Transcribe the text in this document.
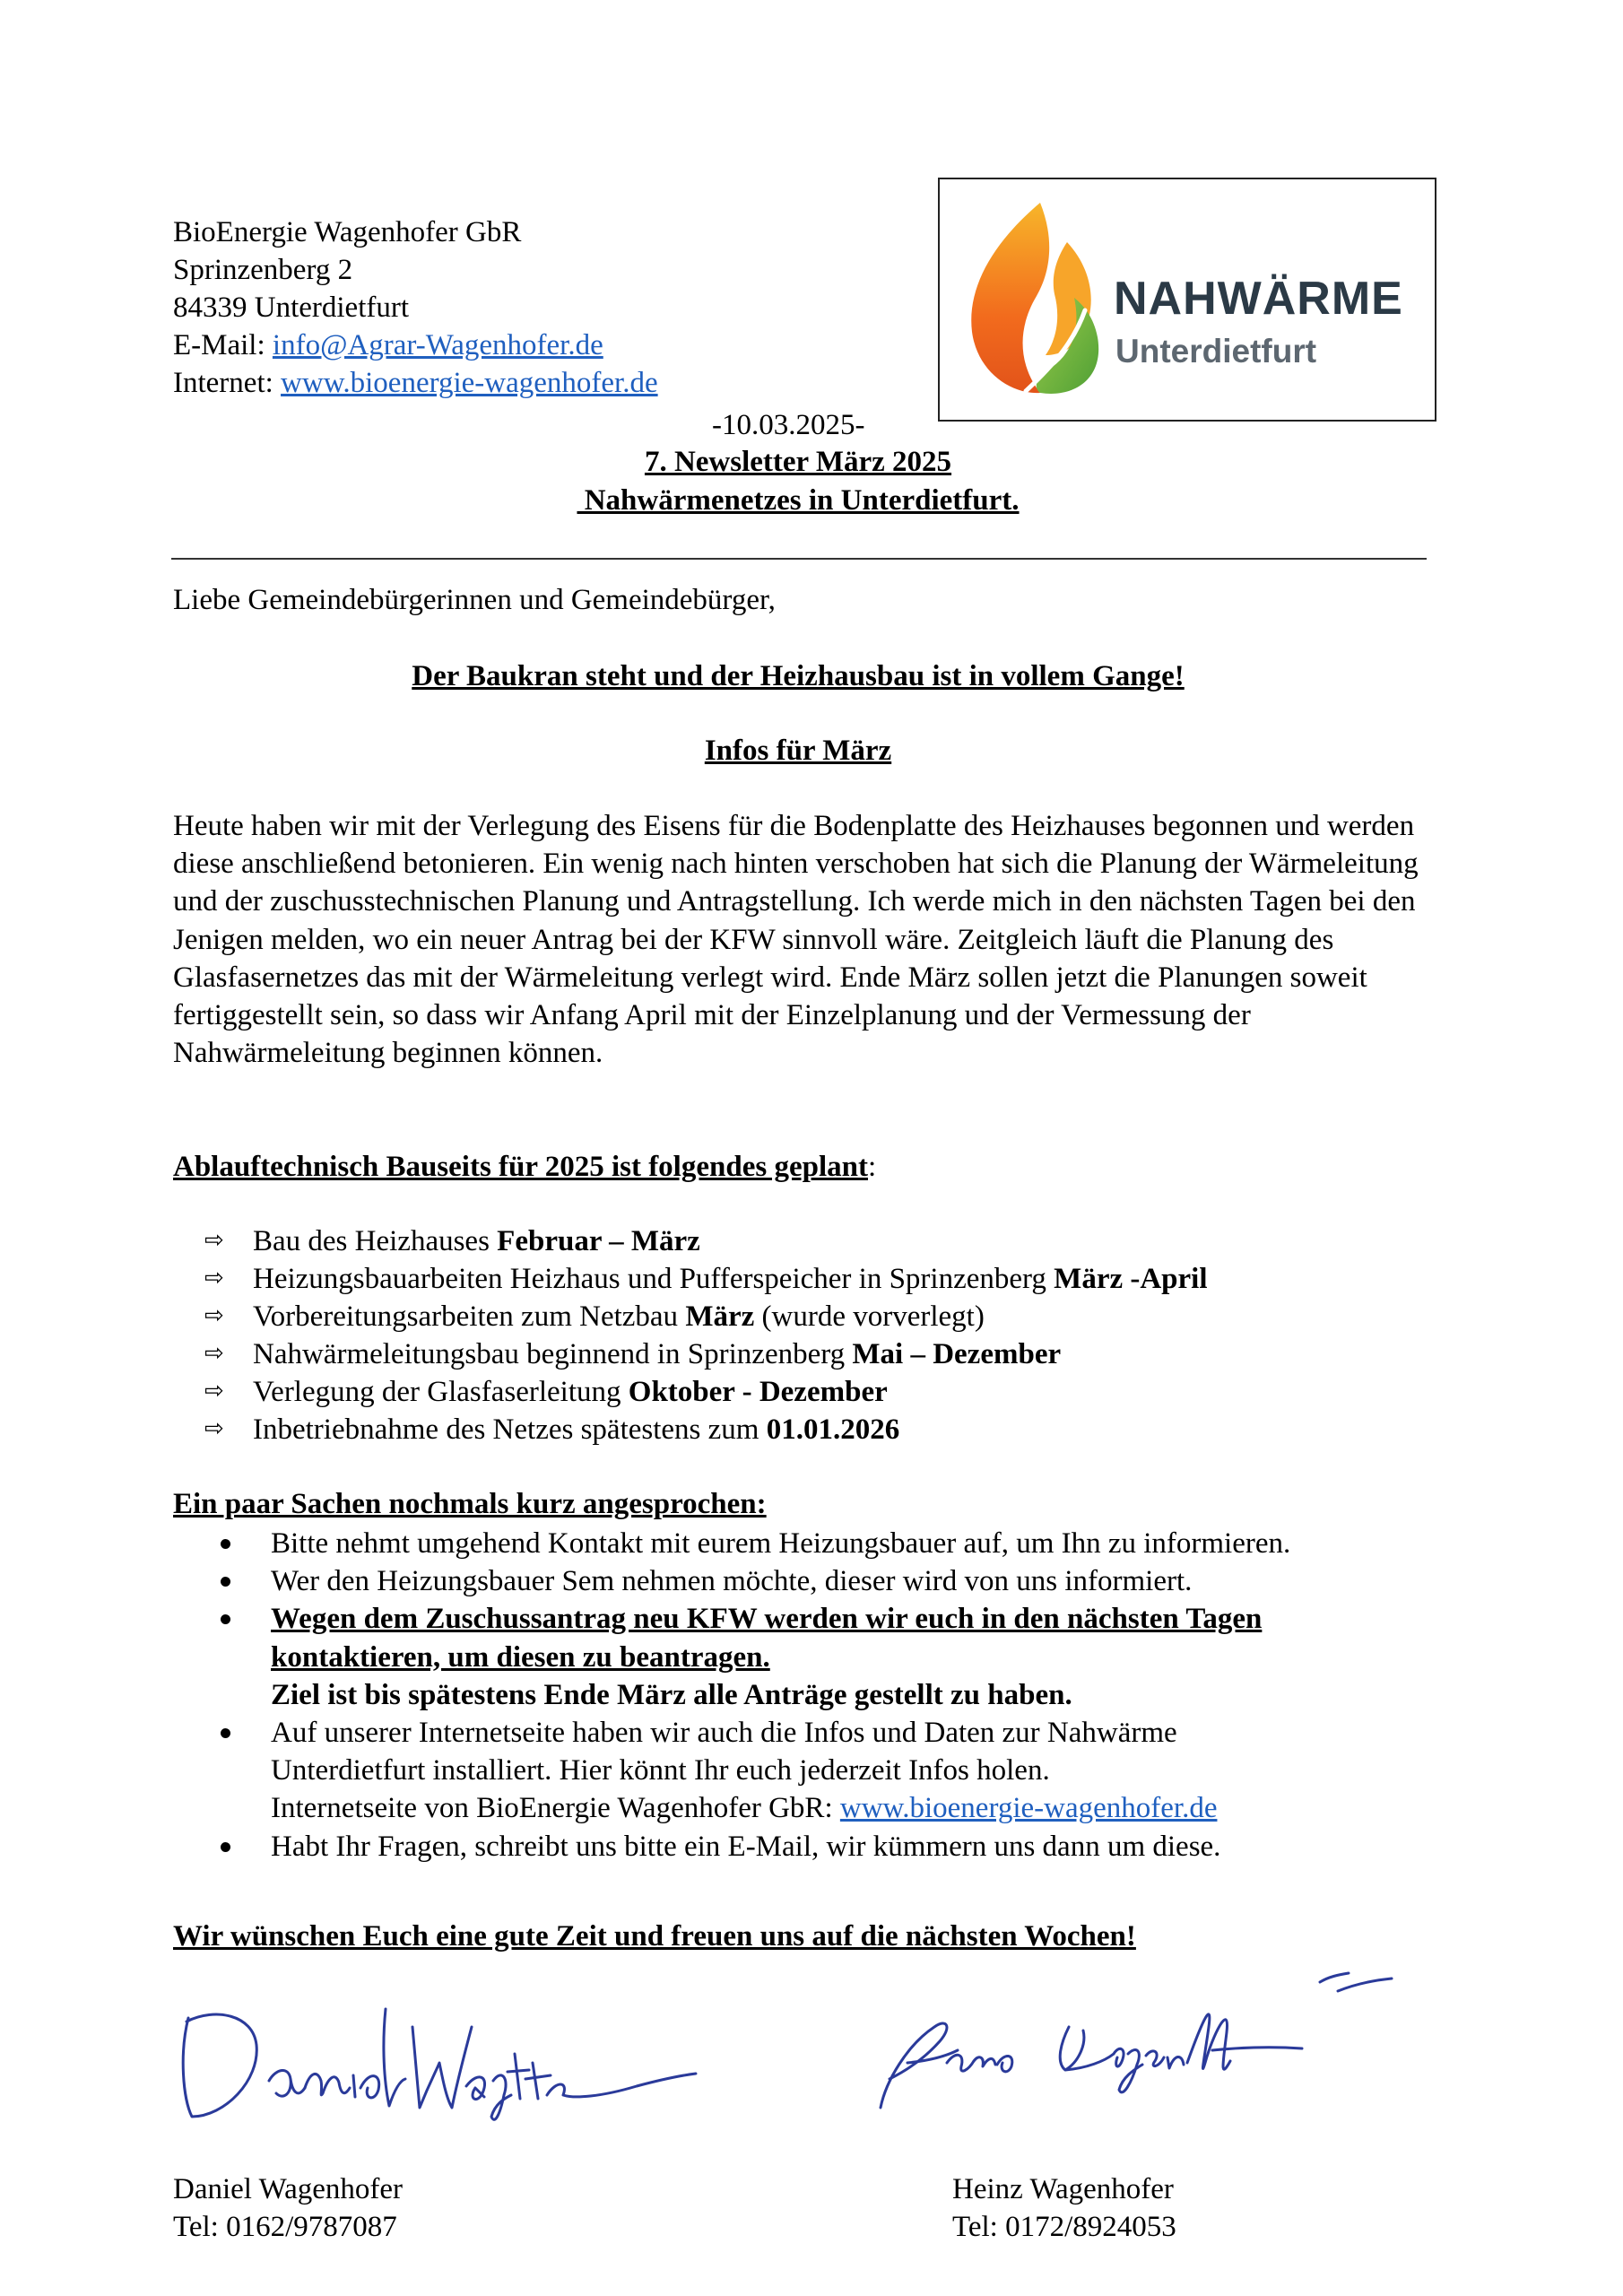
BioEnergie Wagenhofer GbR
Sprinzenberg 2
84339 Unterdietfurt
E-Mail: info@Agrar-Wagenhofer.de
Internet: www.bioenergie-wagenhofer.de
NAHWÄRME
Unterdietfurt
-10.03.2025-
7. Newsletter März 2025
Nahwärmenetzes in Unterdietfurt.
Liebe Gemeindebürgerinnen und Gemeindebürger,
Der Baukran steht und der Heizhausbau ist in vollem Gange!
Infos für März
Heute haben wir mit der Verlegung des Eisens für die Bodenplatte des Heizhauses begonnen und werden diese anschließend betonieren. Ein wenig nach hinten verschoben hat sich die Planung der Wärmeleitung und der zuschusstechnischen Planung und Antragstellung. Ich werde mich in den nächsten Tagen bei den Jenigen melden, wo ein neuer Antrag bei der KFW sinnvoll wäre. Zeitgleich läuft die Planung des Glasfasernetzes das mit der Wärmeleitung verlegt wird. Ende März sollen jetzt die Planungen soweit fertiggestellt sein, so dass wir Anfang April mit der Einzelplanung und der Vermessung der Nahwärmeleitung beginnen können.
Ablauftechnisch Bauseits für 2025 ist folgendes geplant:
⇨ Bau des Heizhauses Februar – März
⇨ Heizungsbauarbeiten Heizhaus und Pufferspeicher in Sprinzenberg März -April
⇨ Vorbereitungsarbeiten zum Netzbau März (wurde vorverlegt)
⇨ Nahwärmeleitungsbau beginnend in Sprinzenberg Mai – Dezember
⇨ Verlegung der Glasfaserleitung Oktober - Dezember
⇨ Inbetriebnahme des Netzes spätestens zum 01.01.2026
Ein paar Sachen nochmals kurz angesprochen:
Bitte nehmt umgehend Kontakt mit eurem Heizungsbauer auf, um Ihn zu informieren.
Wer den Heizungsbauer Sem nehmen möchte, dieser wird von uns informiert.
Wegen dem Zuschussantrag neu KFW werden wir euch in den nächsten Tagen kontaktieren, um diesen zu beantragen.
Ziel ist bis spätestens Ende März alle Anträge gestellt zu haben.
Auf unserer Internetseite haben wir auch die Infos und Daten zur Nahwärme Unterdietfurt installiert. Hier könnt Ihr euch jederzeit Infos holen.
Internetseite von BioEnergie Wagenhofer GbR: www.bioenergie-wagenhofer.de
Habt Ihr Fragen, schreibt uns bitte ein E-Mail, wir kümmern uns dann um diese.
Wir wünschen Euch eine gute Zeit und freuen uns auf die nächsten Wochen!
Daniel Wagenhofer
Tel: 0162/9787087
Heinz Wagenhofer
Tel: 0172/8924053
